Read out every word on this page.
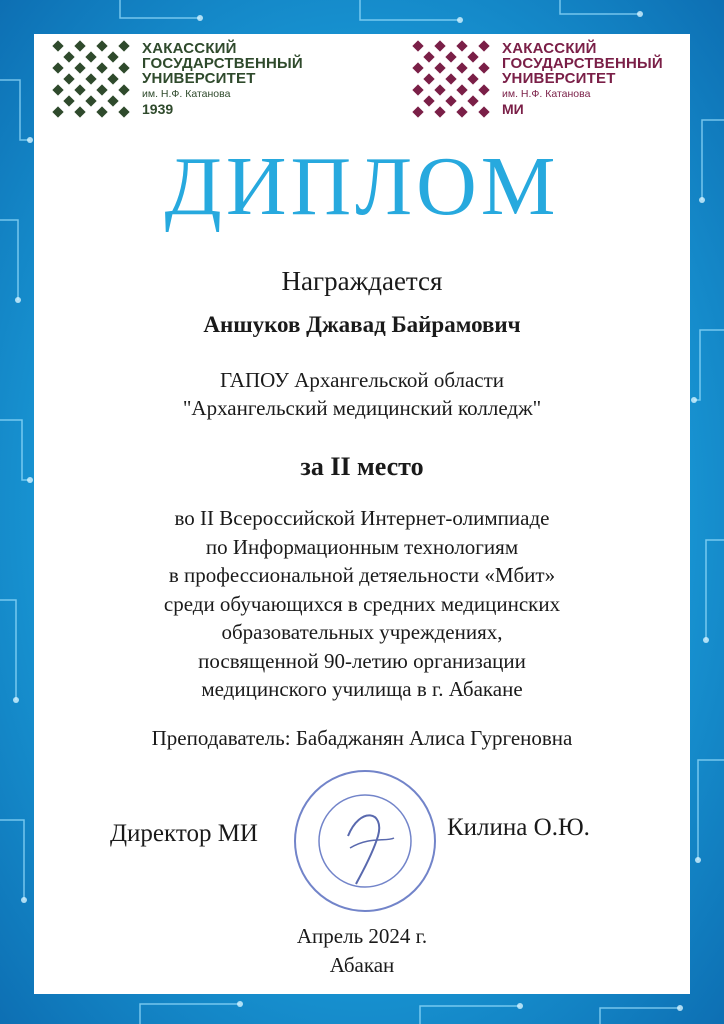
ХАКАССКИЙ
ГОСУДАРСТВЕННЫЙ
УНИВЕРСИТЕТ
им. Н.Ф. Катанова
1939
ХАКАССКИЙ
ГОСУДАРСТВЕННЫЙ
УНИВЕРСИТЕТ
им. Н.Ф. Катанова
МИ
ДИПЛОМ
Награждается
Аншуков Джавад Байрамович
ГАПОУ Архангельской области
"Архангельский медицинский колледж"
за II место
во II Всероссийской Интернет-олимпиаде
по Информационным технологиям
в профессиональной детяельности «Мбит»
среди обучающихся в средних медицинских
образовательных учреждениях,
посвященной 90-летию организации
медицинского училища в г. Абакане
Преподаватель: Бабаджанян Алиса Гургеновна
Директор МИ	Килина О.Ю.
Апрель 2024 г.
Абакан
